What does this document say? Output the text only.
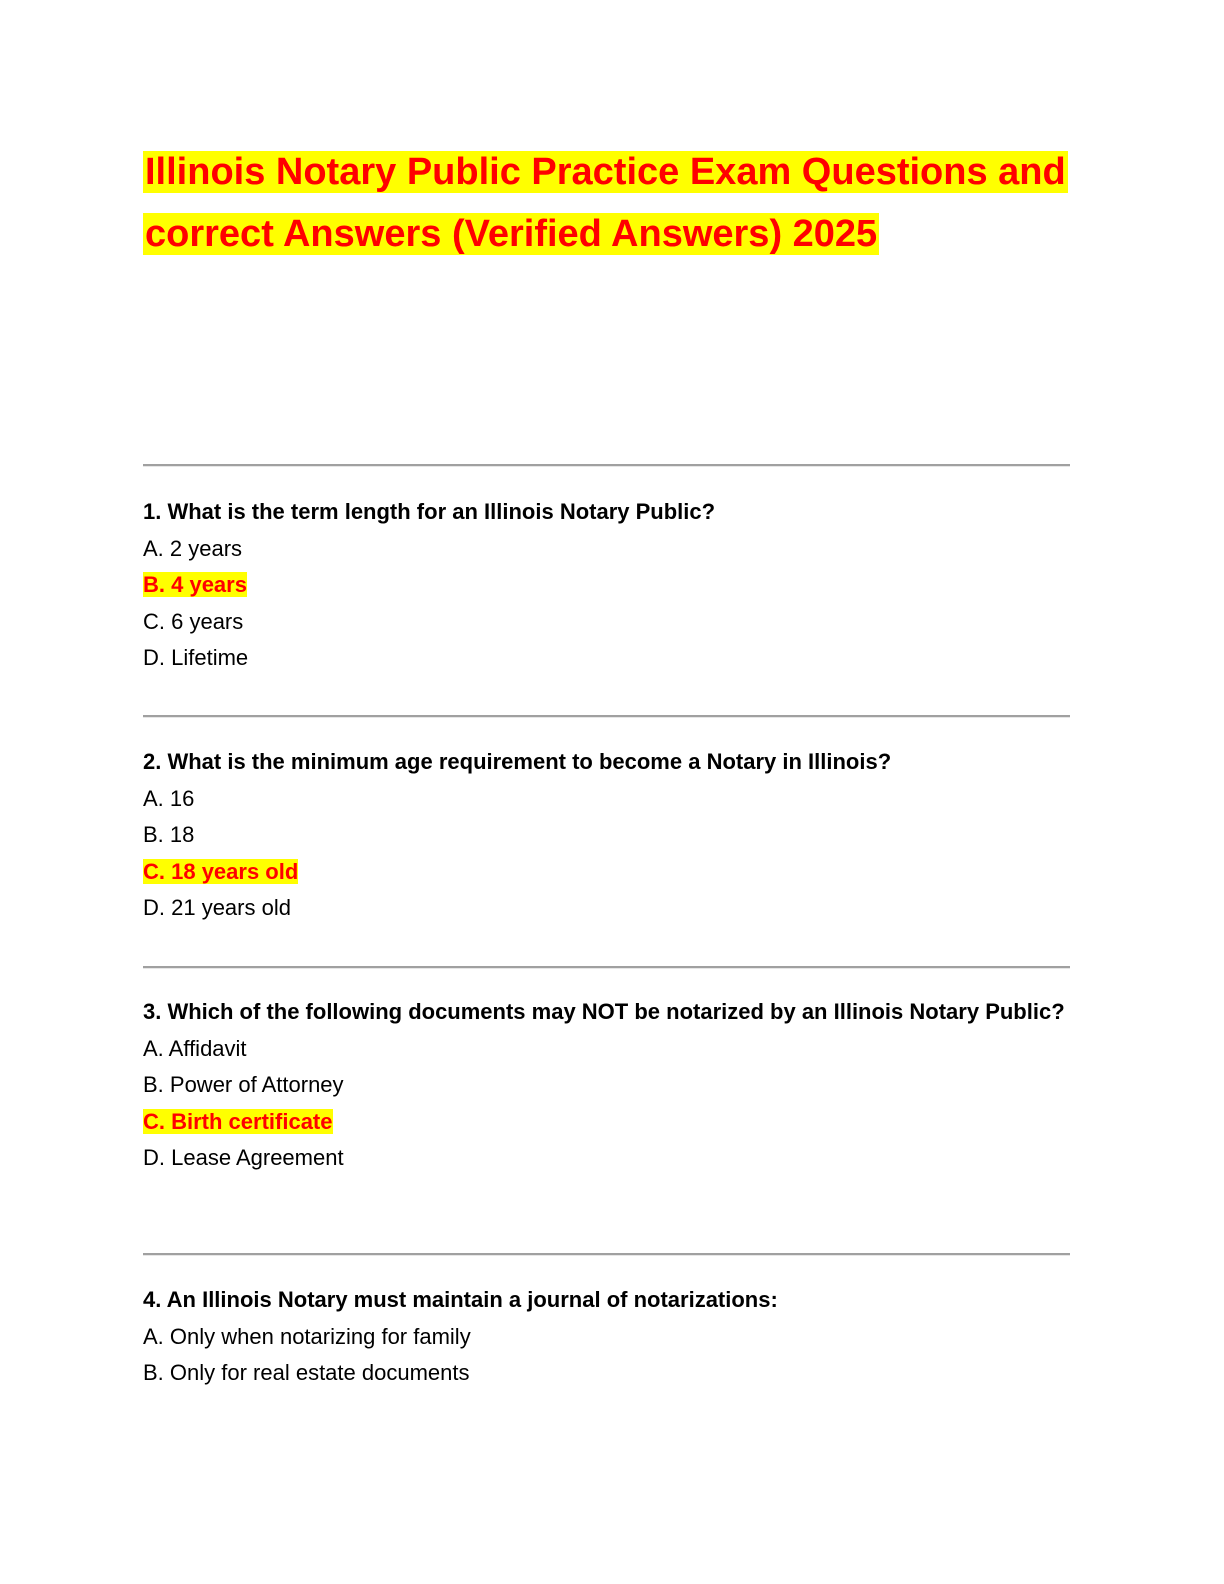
Illinois Notary Public Practice Exam Questions and correct Answers (Verified Answers) 2025

1. What is the term length for an Illinois Notary Public?

A. 2 years
B. 4 years
C. 6 years
D. Lifetime

2. What is the minimum age requirement to become a Notary in Illinois?

A. 16
B. 18
C. 18 years old
D. 21 years old

3. Which of the following documents may NOT be notarized by an Illinois Notary Public?

A. Affidavit
B. Power of Attorney
C. Birth certificate
D. Lease Agreement

4. An Illinois Notary must maintain a journal of notarizations:

A. Only when notarizing for family
B. Only for real estate documents
